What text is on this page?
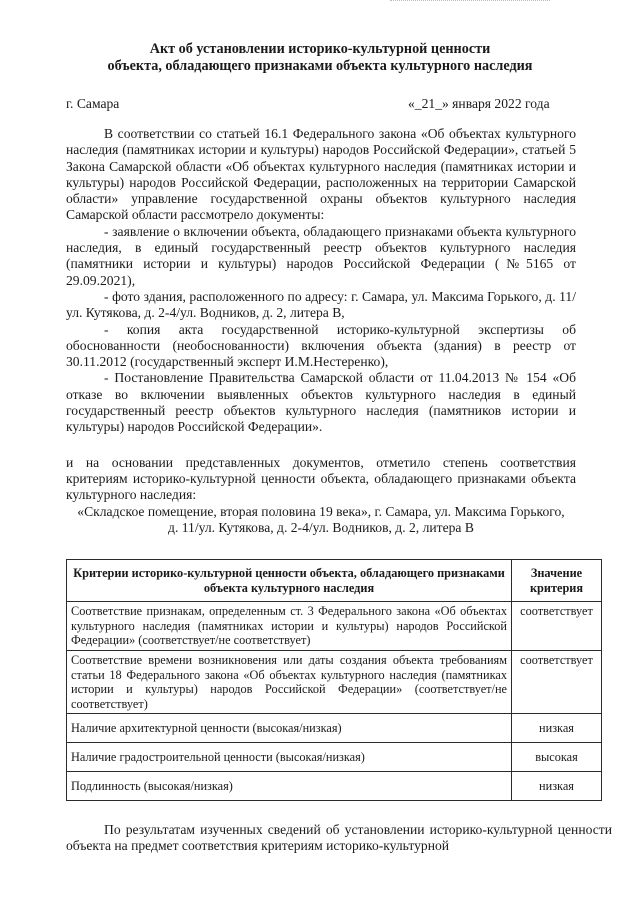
Акт об установлении историко-культурной ценности
объекта, обладающего признаками объекта культурного наследия
г. Самара	«_21_» января 2022 года

В соответствии со статьей 16.1 Федерального закона «Об объектах культурного наследия (памятниках истории и культуры) народов Российской Федерации», статьей 5 Закона Самарской области «Об объектах культурного наследия (памятниках истории и культуры) народов Российской Федерации, расположенных на территории Самарской области» управление государственной охраны объектов культурного наследия Самарской области рассмотрело документы:

- заявление о включении объекта, обладающего признаками объекта культурного наследия, в единый государственный реестр объектов культурного наследия (памятники истории и культуры) народов Российской Федерации (№5165 от 29.09.2021),

- фото здания, расположенного по адресу: г. Самара, ул. Максима Горького, д. 11/ул. Кутякова, д. 2-4/ул. Водников, д. 2, литера В,

- копия акта государственной историко-культурной экспертизы об обоснованности (необоснованности) включения объекта (здания) в реестр от 30.11.2012 (государственный эксперт И.М.Нестеренко),

- Постановление Правительства Самарской области от 11.04.2013 № 154 «Об отказе во включении выявленных объектов культурного наследия в единый государственный реестр объектов культурного наследия (памятников истории и культуры) народов Российской Федерации».

и на основании представленных документов, отметило степень соответствия критериям историко-культурной ценности объекта, обладающего признаками объекта культурного наследия:

«Складское помещение, вторая половина 19 века», г. Самара, ул. Максима Горького,
д. 11/ул. Кутякова, д. 2-4/ул. Водников, д. 2, литера В
Критерии историко-культурной ценности объекта, обладающего признаками объекта культурного наследия	Значение критерия
Соответствие признакам, определенным ст. 3 Федерального закона «Об объектах культурного наследия (памятниках истории и культуры) народов Российской Федерации» (соответствует/не соответствует)	соответствует
Соответствие времени возникновения или даты создания объекта требованиям статьи 18 Федерального закона «Об объектах культурного наследия (памятниках истории и культуры) народов Российской Федерации» (соответствует/не соответствует)	соответствует
Наличие архитектурной ценности (высокая/низкая)	низкая
Наличие градостроительной ценности (высокая/низкая)	высокая
Подлинность (высокая/низкая)	низкая

По результатам изученных сведений об установлении историко-культурной ценности объекта на предмет соответствия критериям историко-культурной
